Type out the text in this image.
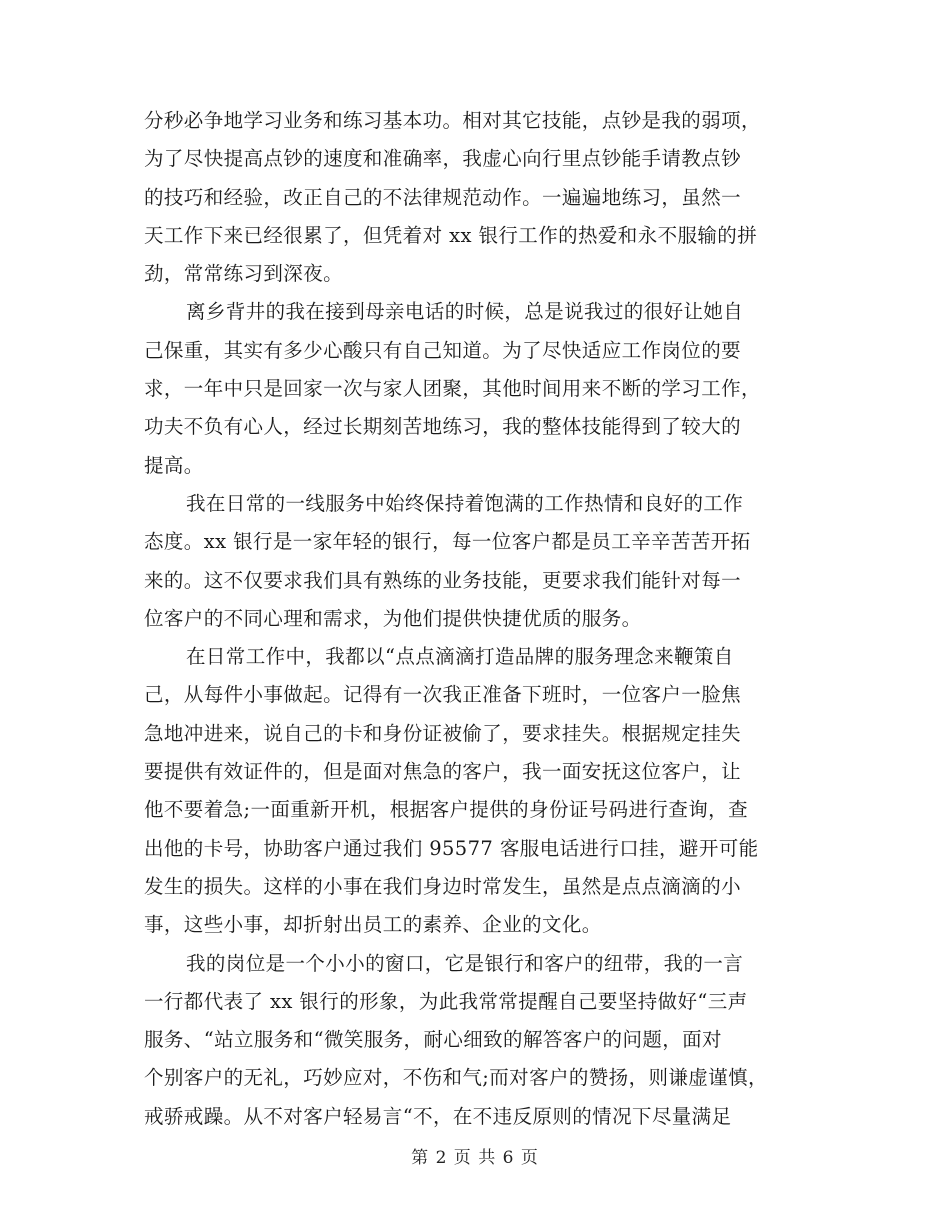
分秒必争地学习业务和练习基本功。相对其它技能，点钞是我的弱项，
为了尽快提高点钞的速度和准确率，我虚心向行里点钞能手请教点钞
的技巧和经验，改正自己的不法律规范动作。一遍遍地练习，虽然一
天工作下来已经很累了，但凭着对 xx 银行工作的热爱和永不服输的拼
劲，常常练习到深夜。
离乡背井的我在接到母亲电话的时候，总是说我过的很好让她自
己保重，其实有多少心酸只有自己知道。为了尽快适应工作岗位的要
求，一年中只是回家一次与家人团聚，其他时间用来不断的学习工作，
功夫不负有心人，经过长期刻苦地练习，我的整体技能得到了较大的
提高。
我在日常的一线服务中始终保持着饱满的工作热情和良好的工作
态度。xx 银行是一家年轻的银行，每一位客户都是员工辛辛苦苦开拓
来的。这不仅要求我们具有熟练的业务技能，更要求我们能针对每一
位客户的不同心理和需求，为他们提供快捷优质的服务。
在日常工作中，我都以“点点滴滴打造品牌的服务理念来鞭策自
己，从每件小事做起。记得有一次我正准备下班时，一位客户一脸焦
急地冲进来，说自己的卡和身份证被偷了，要求挂失。根据规定挂失
要提供有效证件的，但是面对焦急的客户，我一面安抚这位客户，让
他不要着急;一面重新开机，根据客户提供的身份证号码进行查询，查
出他的卡号，协助客户通过我们 95577 客服电话进行口挂，避开可能
发生的损失。这样的小事在我们身边时常发生，虽然是点点滴滴的小
事，这些小事，却折射出员工的素养、企业的文化。
我的岗位是一个小小的窗口，它是银行和客户的纽带，我的一言
一行都代表了 xx 银行的形象，为此我常常提醒自己要坚持做好“三声
服务、“站立服务和“微笑服务，耐心细致的解答客户的问题，面对
个别客户的无礼，巧妙应对，不伤和气;而对客户的赞扬，则谦虚谨慎，
戒骄戒躁。从不对客户轻易言“不，在不违反原则的情况下尽量满足
第 2 页 共 6 页
